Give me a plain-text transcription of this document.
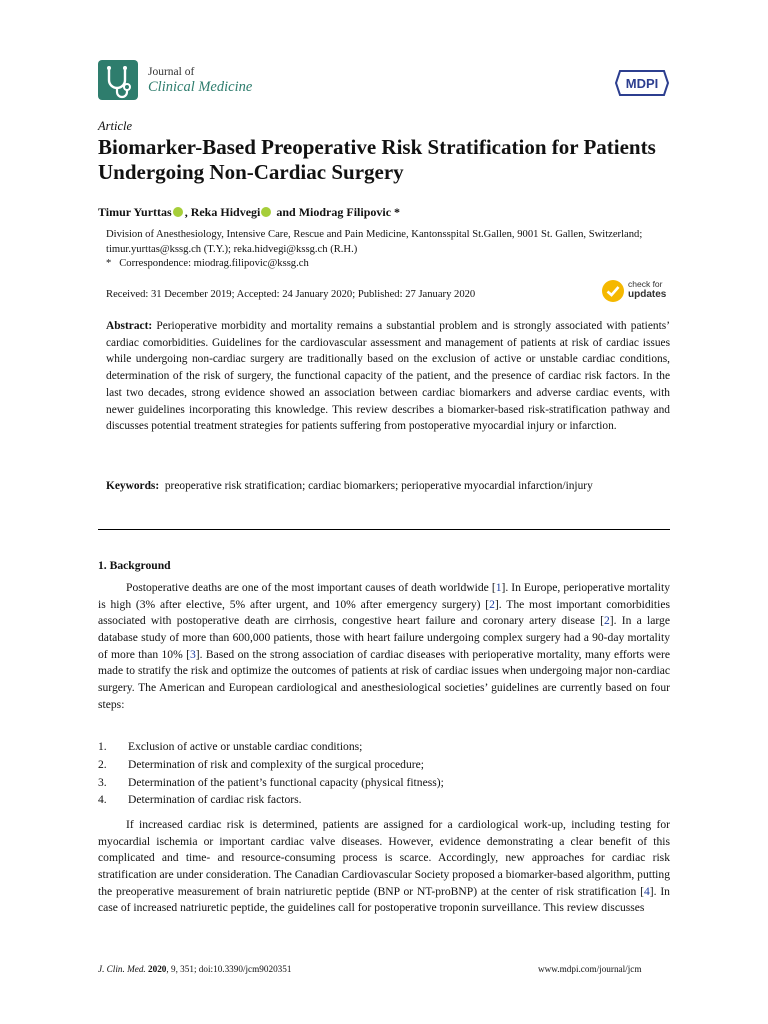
Journal of
Clinical Medicine	MDPI
Article
Biomarker-Based Preoperative Risk Stratification for Patients Undergoing Non-Cardiac Surgery
Timur Yurttas , Reka Hidvegi and Miodrag Filipovic *
Division of Anesthesiology, Intensive Care, Rescue and Pain Medicine, Kantonsspital St.Gallen, 9001 St. Gallen, Switzerland; timur.yurttas@kssg.ch (T.Y.); reka.hidvegi@kssg.ch (R.H.)
*   Correspondence: miodrag.filipovic@kssg.ch
Received: 31 December 2019; Accepted: 24 January 2020; Published: 27 January 2020
check for
updates
Abstract: Perioperative morbidity and mortality remains a substantial problem and is strongly associated with patients’ cardiac comorbidities. Guidelines for the cardiovascular assessment and management of patients at risk of cardiac issues while undergoing non-cardiac surgery are traditionally based on the exclusion of active or unstable cardiac conditions, determination of the risk of surgery, the functional capacity of the patient, and the presence of cardiac risk factors. In the last two decades, strong evidence showed an association between cardiac biomarkers and adverse cardiac events, with newer guidelines incorporating this knowledge. This review describes a biomarker-based risk-stratification pathway and discusses potential treatment strategies for patients suffering from postoperative myocardial injury or infarction.
Keywords:  preoperative risk stratification; cardiac biomarkers; perioperative myocardial infarction/injury
1. Background
Postoperative deaths are one of the most important causes of death worldwide [1]. In Europe, perioperative mortality is high (3% after elective, 5% after urgent, and 10% after emergency surgery) [2]. The most important comorbidities associated with postoperative death are cirrhosis, congestive heart failure and coronary artery disease [2]. In a large database study of more than 600,000 patients, those with heart failure undergoing complex surgery had a 90-day mortality of more than 10% [3]. Based on the strong association of cardiac diseases with perioperative mortality, many efforts were made to stratify the risk and optimize the outcomes of patients at risk of cardiac issues when undergoing major non-cardiac surgery. The American and European cardiological and anesthesiological societies’ guidelines are currently based on four steps:
1.	Exclusion of active or unstable cardiac conditions;
2.	Determination of risk and complexity of the surgical procedure;
3.	Determination of the patient’s functional capacity (physical fitness);
4.	Determination of cardiac risk factors.
If increased cardiac risk is determined, patients are assigned for a cardiological work-up, including testing for myocardial ischemia or important cardiac valve diseases. However, evidence demonstrating a clear benefit of this complicated and time- and resource-consuming process is scarce. Accordingly, new approaches for cardiac risk stratification are under consideration. The Canadian Cardiovascular Society proposed a biomarker-based algorithm, putting the preoperative measurement of brain natriuretic peptide (BNP or NT-proBNP) at the center of risk stratification [4]. In case of increased natriuretic peptide, the guidelines call for postoperative troponin surveillance. This review discusses
J. Clin. Med. 2020, 9, 351; doi:10.3390/jcm9020351	www.mdpi.com/journal/jcm
